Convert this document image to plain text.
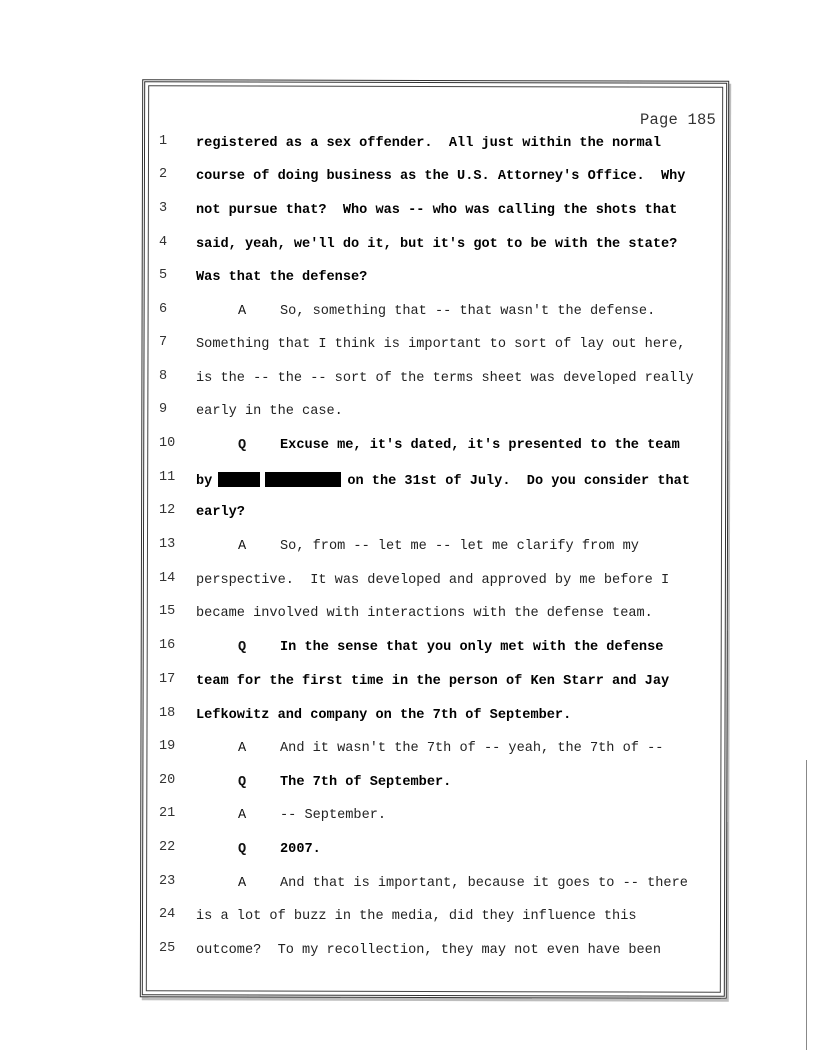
Page 185
1 registered as a sex offender.  All just within the normal
2 course of doing business as the U.S. Attorney's Office.  Why
3 not pursue that?  Who was -- who was calling the shots that
4 said, yeah, we'll do it, but it's got to be with the state?
5 Was that the defense?
6	A So, something that -- that wasn't the defense.
7 Something that I think is important to sort of lay out here,
8 is the -- the -- sort of the terms sheet was developed really
9 early in the case.
10	Q Excuse me, it's dated, it's presented to the team
11 by	on the 31st of July.  Do you consider that
12 early?
13	A So, from -- let me -- let me clarify from my
14 perspective.  It was developed and approved by me before I
15 became involved with interactions with the defense team.
16	Q In the sense that you only met with the defense
17 team for the first time in the person of Ken Starr and Jay
18 Lefkowitz and company on the 7th of September.
19	A And it wasn't the 7th of -- yeah, the 7th of --
20	Q The 7th of September.
21	A -- September.
22	Q 2007.
23	A And that is important, because it goes to -- there
24 is a lot of buzz in the media, did they influence this
25 outcome?  To my recollection, they may not even have been
